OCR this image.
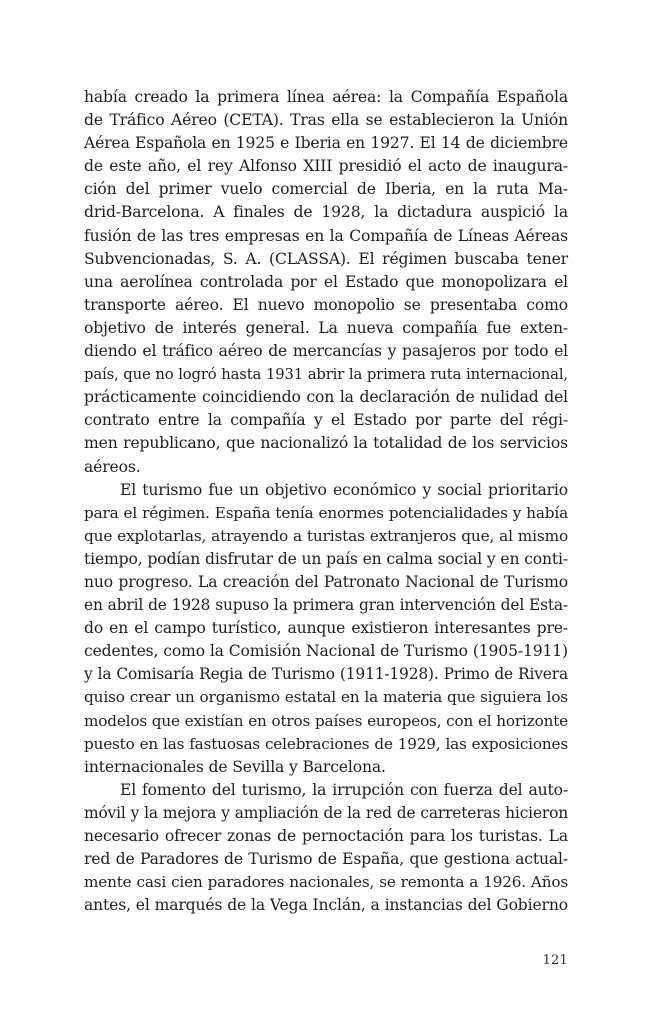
había creado la primera línea aérea: la Compañía Española
de Tráfico Aéreo (CETA). Tras ella se establecieron la Unión
Aérea Española en 1925 e Iberia en 1927. El 14 de diciembre
de este año, el rey Alfonso XIII presidió el acto de inaugura-
ción del primer vuelo comercial de Iberia, en la ruta Ma-
drid-Barcelona. A finales de 1928, la dictadura auspició la
fusión de las tres empresas en la Compañía de Líneas Aéreas
Subvencionadas, S. A. (CLASSA). El régimen buscaba tener
una aerolínea controlada por el Estado que monopolizara el
transporte aéreo. El nuevo monopolio se presentaba como
objetivo de interés general. La nueva compañía fue exten-
diendo el tráfico aéreo de mercancías y pasajeros por todo el
país, que no logró hasta 1931 abrir la primera ruta internacional,
prácticamente coincidiendo con la declaración de nulidad del
contrato entre la compañía y el Estado por parte del régi-
men republicano, que nacionalizó la totalidad de los servicios
aéreos.
El turismo fue un objetivo económico y social prioritario
para el régimen. España tenía enormes potencialidades y había
que explotarlas, atrayendo a turistas extranjeros que, al mismo
tiempo, podían disfrutar de un país en calma social y en conti-
nuo progreso. La creación del Patronato Nacional de Turismo
en abril de 1928 supuso la primera gran intervención del Esta-
do en el campo turístico, aunque existieron interesantes pre-
cedentes, como la Comisión Nacional de Turismo (1905-1911)
y la Comisaría Regia de Turismo (1911-1928). Primo de Rivera
quiso crear un organismo estatal en la materia que siguiera los
modelos que existían en otros países europeos, con el horizonte
puesto en las fastuosas celebraciones de 1929, las exposiciones
internacionales de Sevilla y Barcelona.
El fomento del turismo, la irrupción con fuerza del auto-
móvil y la mejora y ampliación de la red de carreteras hicieron
necesario ofrecer zonas de pernoctación para los turistas. La
red de Paradores de Turismo de España, que gestiona actual-
mente casi cien paradores nacionales, se remonta a 1926. Años
antes, el marqués de la Vega Inclán, a instancias del Gobierno
121
